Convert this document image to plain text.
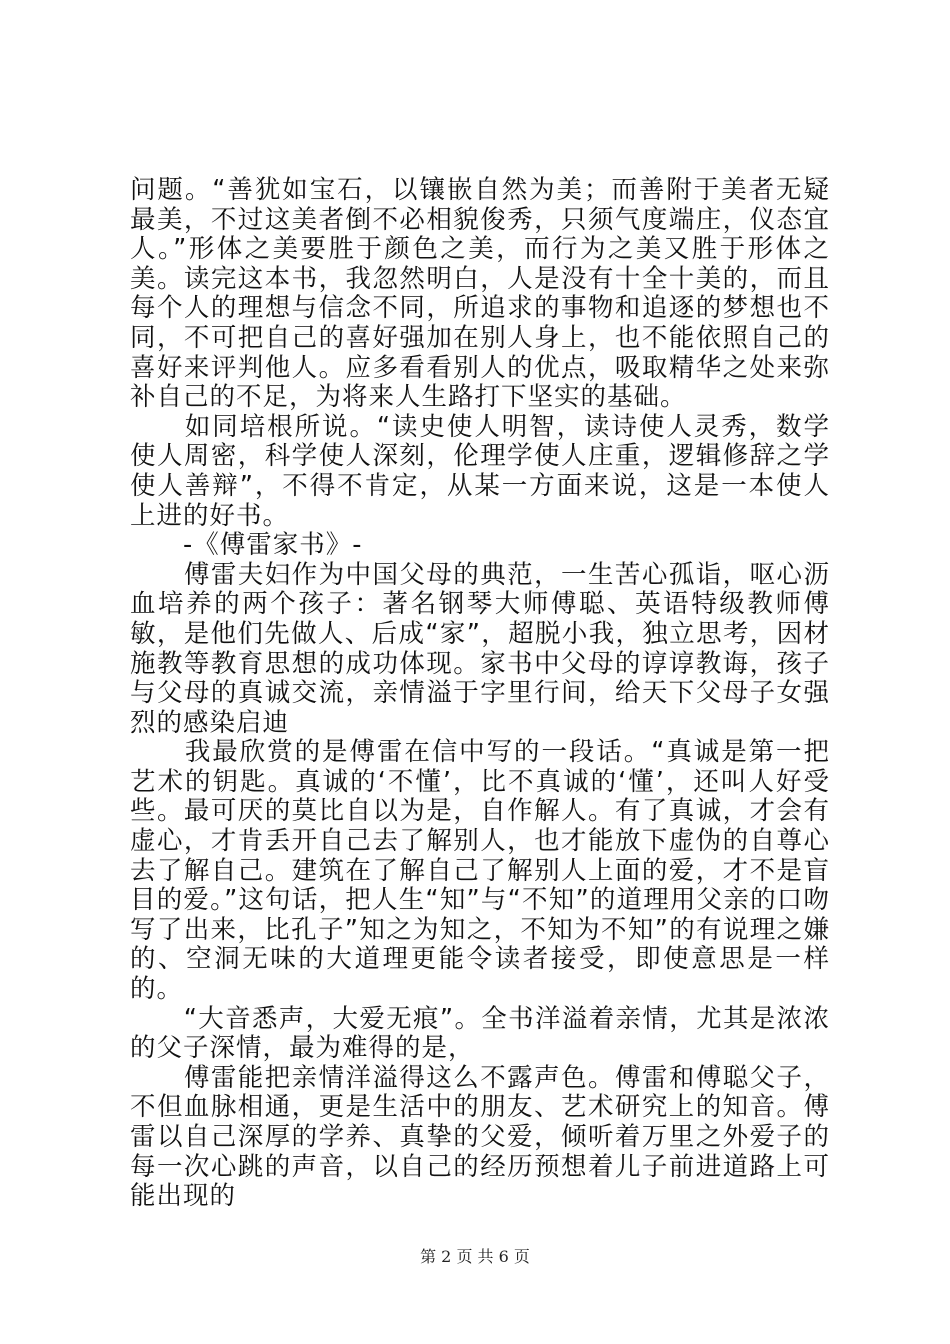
问题。“善犹如宝石，以镶嵌自然为美；而善附于美者无疑最美，不过这美者倒不必相貌俊秀，只须气度端庄，仪态宜人。”形体之美要胜于颜色之美，而行为之美又胜于形体之美。读完这本书，我忽然明白，人是没有十全十美的，而且每个人的理想与信念不同，所追求的事物和追逐的梦想也不同，不可把自己的喜好强加在别人身上，也不能依照自己的喜好来评判他人。应多看看别人的优点，吸取精华之处来弥补自己的不足，为将来人生路打下坚实的基础。

　　如同培根所说。“读史使人明智，读诗使人灵秀，数学使人周密，科学使人深刻，伦理学使人庄重，逻辑修辞之学使人善辩”，不得不肯定，从某一方面来说，这是一本使人上进的好书。

　　-《傅雷家书》-

　　傅雷夫妇作为中国父母的典范，一生苦心孤诣，呕心沥血培养的两个孩子：著名钢琴大师傅聪、英语特级教师傅敏，是他们先做人、后成“家”，超脱小我，独立思考，因材施教等教育思想的成功体现。家书中父母的谆谆教诲，孩子与父母的真诚交流，亲情溢于字里行间，给天下父母子女强烈的感染启迪

　　我最欣赏的是傅雷在信中写的一段话。“真诚是第一把艺术的钥匙。真诚的‘不懂’，比不真诚的‘懂’，还叫人好受些。最可厌的莫比自以为是，自作解人。有了真诚，才会有虚心，才肯丢开自己去了解别人，也才能放下虚伪的自尊心去了解自己。建筑在了解自己了解别人上面的爱，才不是盲目的爱。”这句话，把人生“知”与“不知”的道理用父亲的口吻写了出来，比孔子”知之为知之，不知为不知”的有说理之嫌的、空洞无味的大道理更能令读者接受，即使意思是一样的。

　　“大音悉声，大爱无痕”。全书洋溢着亲情，尤其是浓浓的父子深情，最为难得的是，

　　傅雷能把亲情洋溢得这么不露声色。傅雷和傅聪父子，不但血脉相通，更是生活中的朋友、艺术研究上的知音。傅雷以自己深厚的学养、真挚的父爱，倾听着万里之外爱子的每一次心跳的声音，以自己的经历预想着儿子前进道路上可能出现的

第 2 页 共 6 页
